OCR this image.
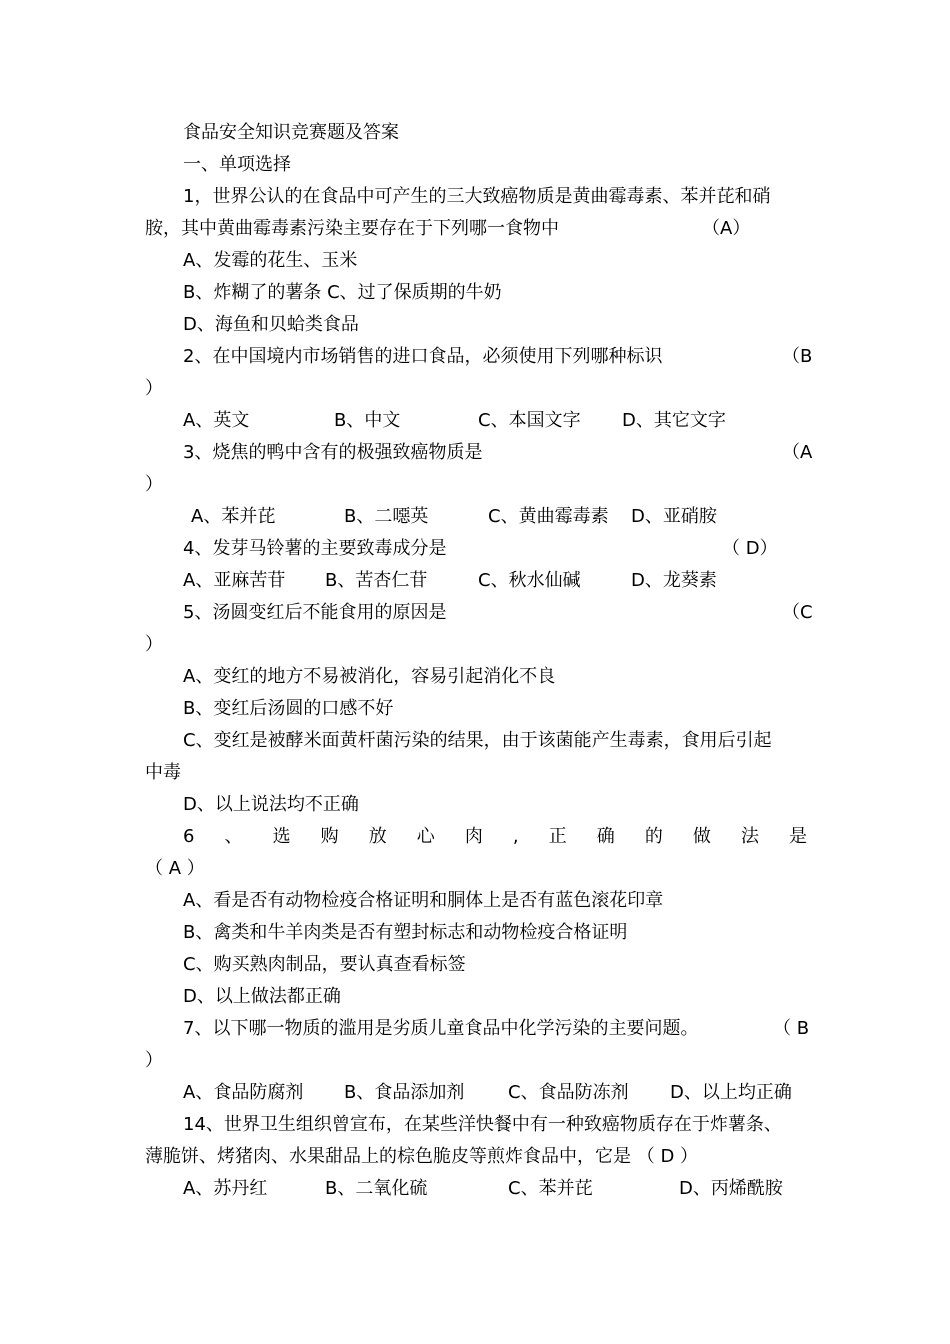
食品安全知识竞赛题及答案
一、单项选择
1，世界公认的在食品中可产生的三大致癌物质是黄曲霉毒素、苯并芘和硝
胺，其中黄曲霉毒素污染主要存在于下列哪一食物中	（A）
A、发霉的花生、玉米
B、炸糊了的薯条 C、过了保质期的牛奶
D、海鱼和贝蛤类食品
2、在中国境内市场销售的进口食品，必须使用下列哪种标识	（B
）
A、英文	B、中文	C、本国文字 D、其它文字
3、烧焦的鸭中含有的极强致癌物质是	（A
）
A、苯并芘	B、二噁英	C、黄曲霉毒素 D、亚硝胺
4、发芽马铃薯的主要致毒成分是	（ D）
A、亚麻苦苷 B、苦杏仁苷	C、秋水仙碱	D、龙葵素
5、汤圆变红后不能食用的原因是	（C
）
A、变红的地方不易被消化，容易引起消化不良
B、变红后汤圆的口感不好
C、变红是被酵米面黄杆菌污染的结果，由于该菌能产生毒素，食用后引起
中毒
D、以上说法均不正确
6 、 选 购 放 心 肉 , 正 确 的 做 法 是
（ A ）
A、看是否有动物检疫合格证明和胴体上是否有蓝色滚花印章
B、禽类和牛羊肉类是否有塑封标志和动物检疫合格证明
C、购买熟肉制品，要认真查看标签
D、以上做法都正确
7、以下哪一物质的滥用是劣质儿童食品中化学污染的主要问题。	（ B
）
A、食品防腐剂 B、食品添加剂 C、食品防冻剂 D、以上均正确
14、世界卫生组织曾宣布，在某些洋快餐中有一种致癌物质存在于炸薯条、
薄脆饼、烤猪肉、水果甜品上的棕色脆皮等煎炸食品中，它是 （ D ）
A、苏丹红	B、二氧化硫	C、苯并芘	D、丙烯酰胺
